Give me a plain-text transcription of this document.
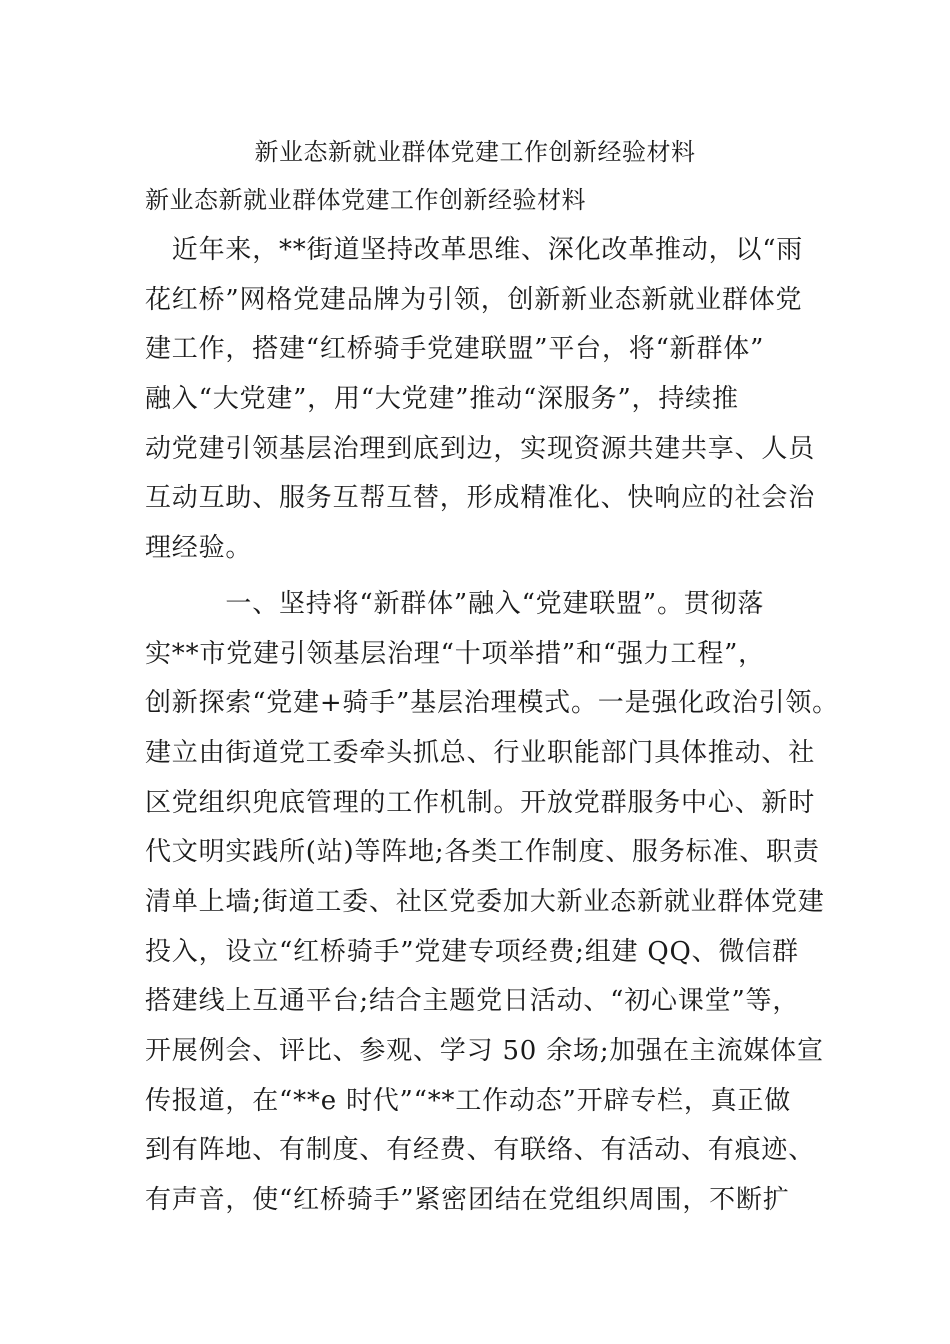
新业态新就业群体党建工作创新经验材料
新业态新就业群体党建工作创新经验材料
　近年来，**街道坚持改革思维、深化改革推动，以“雨
花红桥”网格党建品牌为引领，创新新业态新就业群体党
建工作，搭建“红桥骑手党建联盟”平台，将“新群体”
融入“大党建”，用“大党建”推动“深服务”，持续推
动党建引领基层治理到底到边，实现资源共建共享、人员
互动互助、服务互帮互替，形成精准化、快响应的社会治
理经验。
　　　一、坚持将“新群体”融入“党建联盟”。贯彻落
实**市党建引领基层治理“十项举措”和“强力工程”，
创新探索“党建+骑手”基层治理模式。一是强化政治引领。
建立由街道党工委牵头抓总、行业职能部门具体推动、社
区党组织兜底管理的工作机制。开放党群服务中心、新时
代文明实践所(站)等阵地;各类工作制度、服务标准、职责
清单上墙;街道工委、社区党委加大新业态新就业群体党建
投入，设立“红桥骑手”党建专项经费;组建 QQ、微信群
搭建线上互通平台;结合主题党日活动、“初心课堂”等，
开展例会、评比、参观、学习 50 余场;加强在主流媒体宣
传报道，在“**e 时代”“**工作动态”开辟专栏，真正做
到有阵地、有制度、有经费、有联络、有活动、有痕迹、
有声音，使“红桥骑手”紧密团结在党组织周围，不断扩
